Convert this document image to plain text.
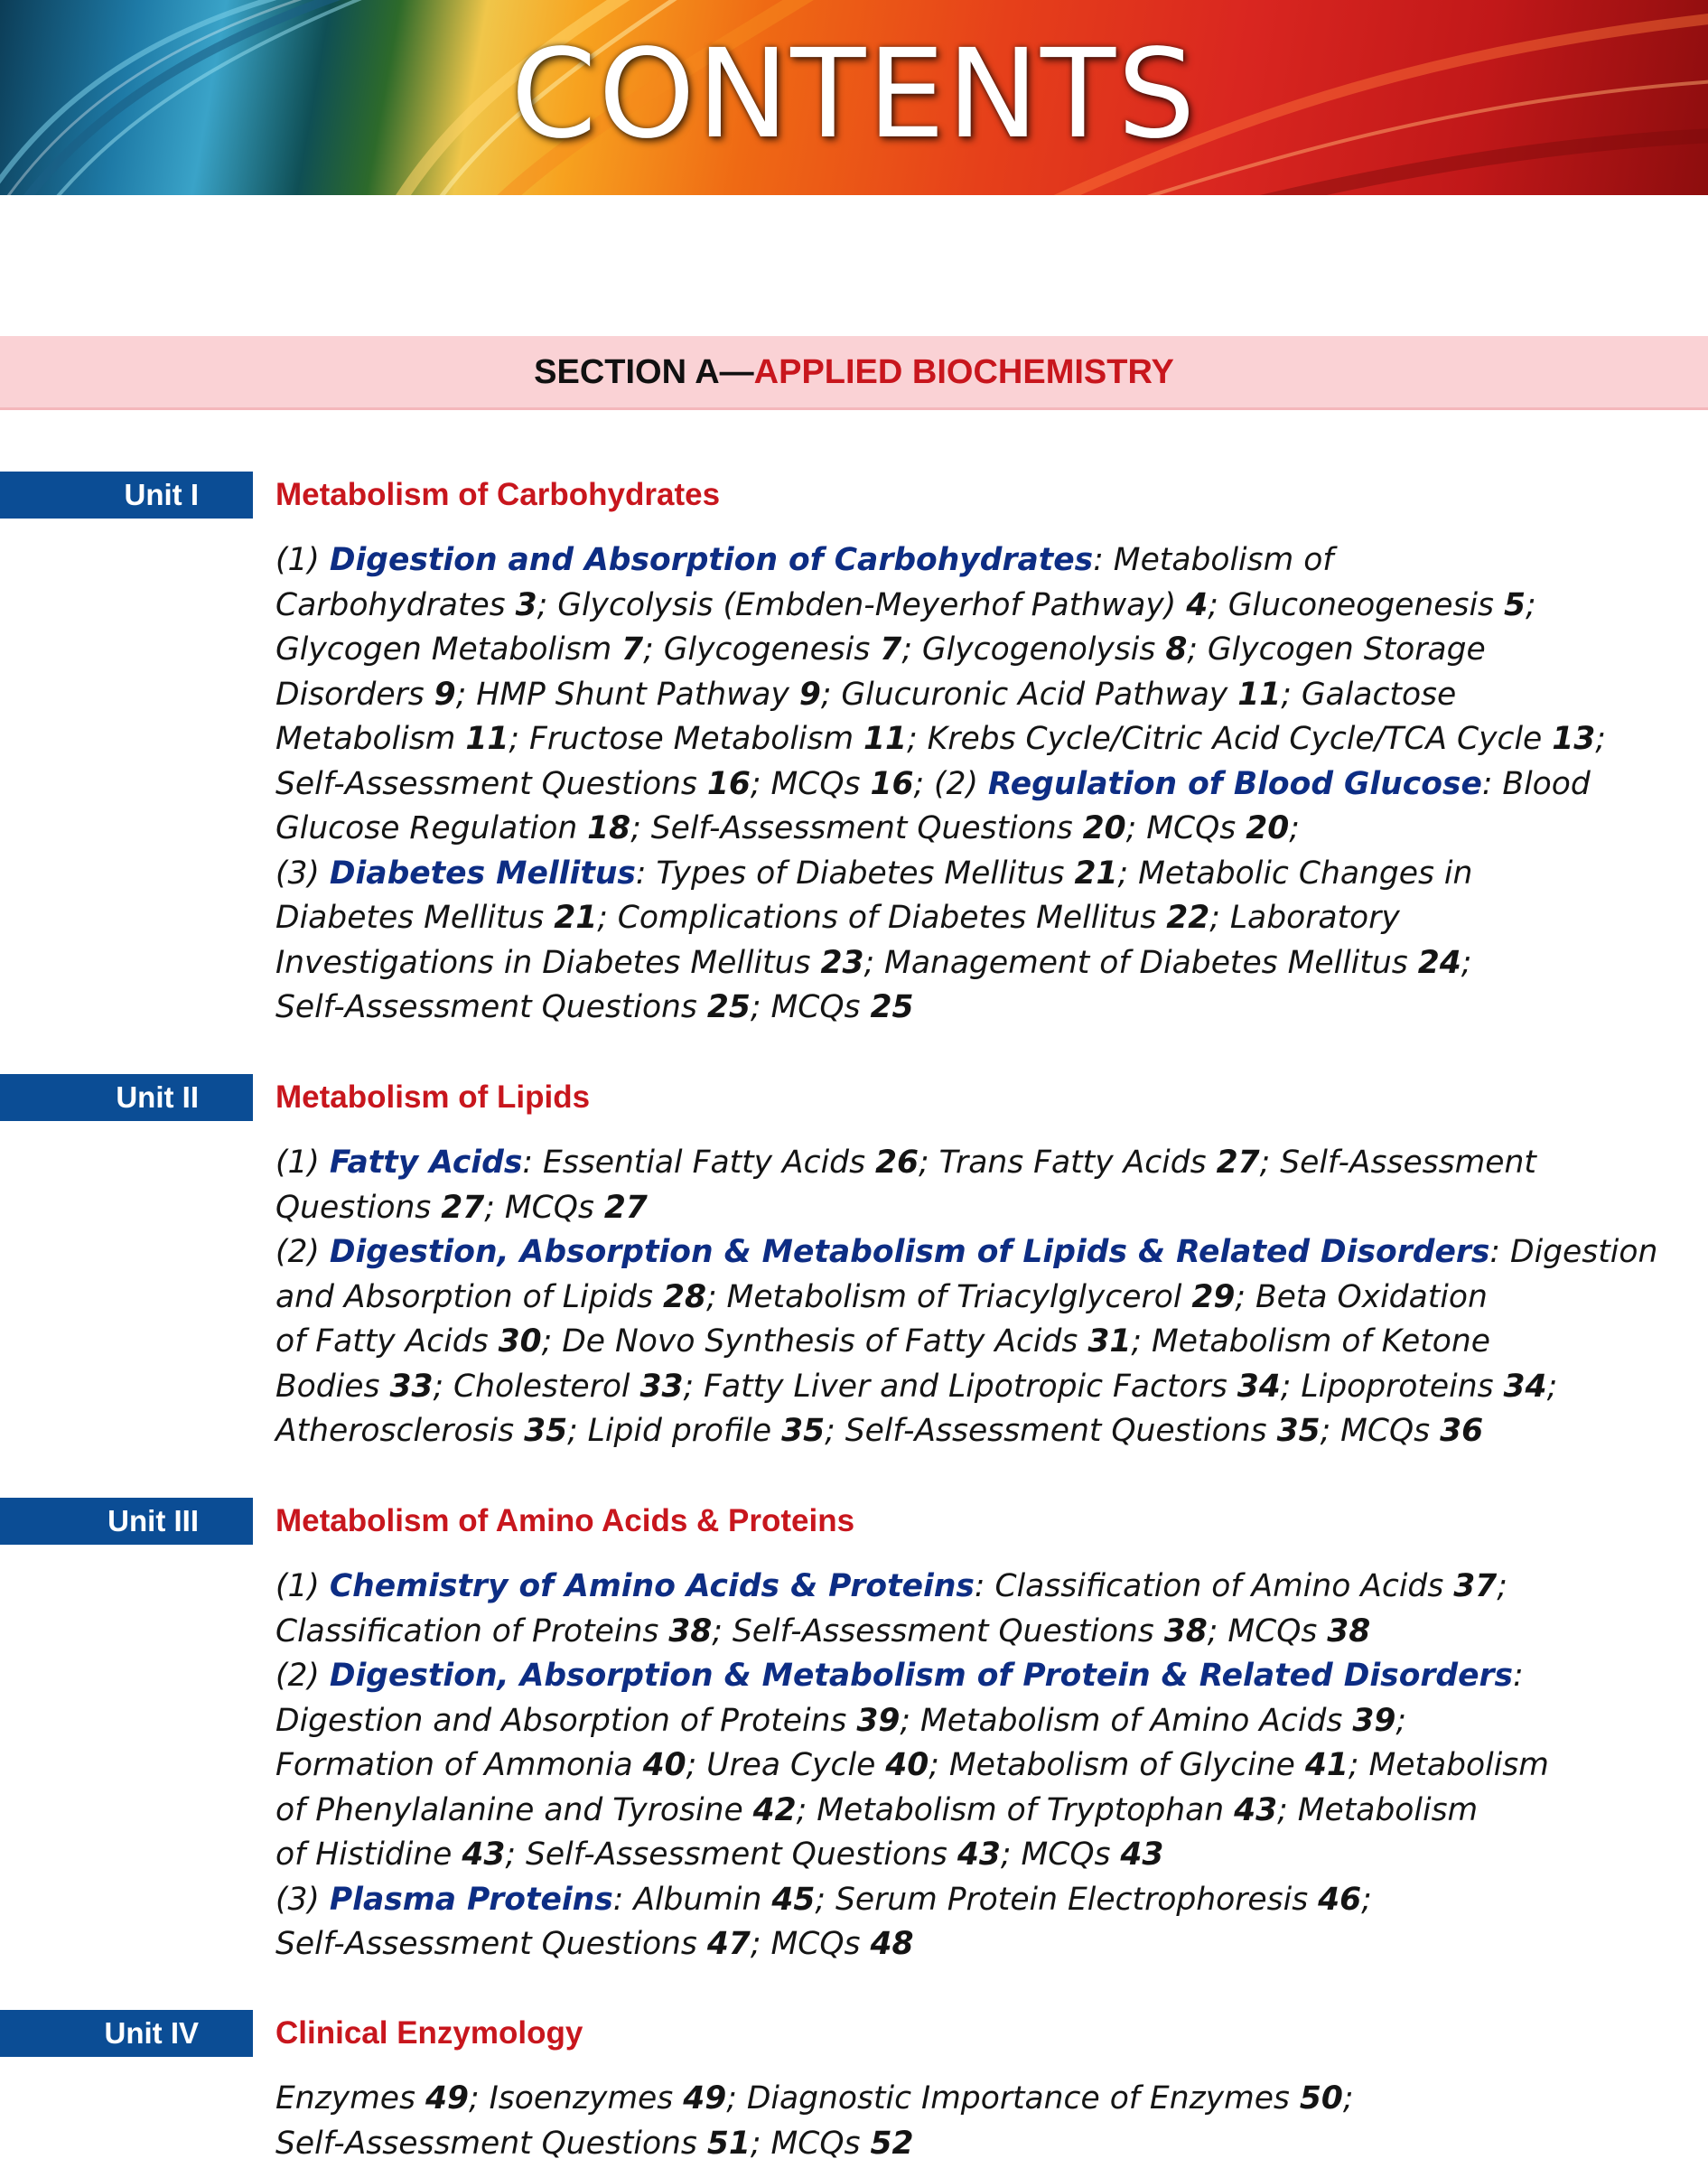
CONTENTS
SECTION A—APPLIED BIOCHEMISTRY
Unit I	Metabolism of Carbohydrates
(1) Digestion and Absorption of Carbohydrates: Metabolism of
Carbohydrates 3; Glycolysis (Embden-Meyerhof Pathway) 4; Gluconeogenesis 5;
Glycogen Metabolism 7; Glycogenesis 7; Glycogenolysis 8; Glycogen Storage
Disorders 9; HMP Shunt Pathway 9; Glucuronic Acid Pathway 11; Galactose
Metabolism 11; Fructose Metabolism 11; Krebs Cycle/Citric Acid Cycle/TCA Cycle 13;
Self-Assessment Questions 16; MCQs 16; (2) Regulation of Blood Glucose: Blood
Glucose Regulation 18; Self-Assessment Questions 20; MCQs 20;
(3) Diabetes Mellitus: Types of Diabetes Mellitus 21; Metabolic Changes in
Diabetes Mellitus 21; Complications of Diabetes Mellitus 22; Laboratory
Investigations in Diabetes Mellitus 23; Management of Diabetes Mellitus 24;
Self-Assessment Questions 25; MCQs 25
Unit II	Metabolism of Lipids
(1) Fatty Acids: Essential Fatty Acids 26; Trans Fatty Acids 27; Self-Assessment
Questions 27; MCQs 27
(2) Digestion, Absorption & Metabolism of Lipids & Related Disorders: Digestion
and Absorption of Lipids 28; Metabolism of Triacylglycerol 29; Beta Oxidation
of Fatty Acids 30; De Novo Synthesis of Fatty Acids 31; Metabolism of Ketone
Bodies 33; Cholesterol 33; Fatty Liver and Lipotropic Factors 34; Lipoproteins 34;
Atherosclerosis 35; Lipid profile 35; Self-Assessment Questions 35; MCQs 36
Unit III	Metabolism of Amino Acids & Proteins
(1) Chemistry of Amino Acids & Proteins: Classification of Amino Acids 37;
Classification of Proteins 38; Self-Assessment Questions 38; MCQs 38
(2) Digestion, Absorption & Metabolism of Protein & Related Disorders:
Digestion and Absorption of Proteins 39; Metabolism of Amino Acids 39;
Formation of Ammonia 40; Urea Cycle 40; Metabolism of Glycine 41; Metabolism
of Phenylalanine and Tyrosine 42; Metabolism of Tryptophan 43; Metabolism
of Histidine 43; Self-Assessment Questions 43; MCQs 43
(3) Plasma Proteins: Albumin 45; Serum Protein Electrophoresis 46;
Self-Assessment Questions 47; MCQs 48
Unit IV	Clinical Enzymology
Enzymes 49; Isoenzymes 49; Diagnostic Importance of Enzymes 50;
Self-Assessment Questions 51; MCQs 52
